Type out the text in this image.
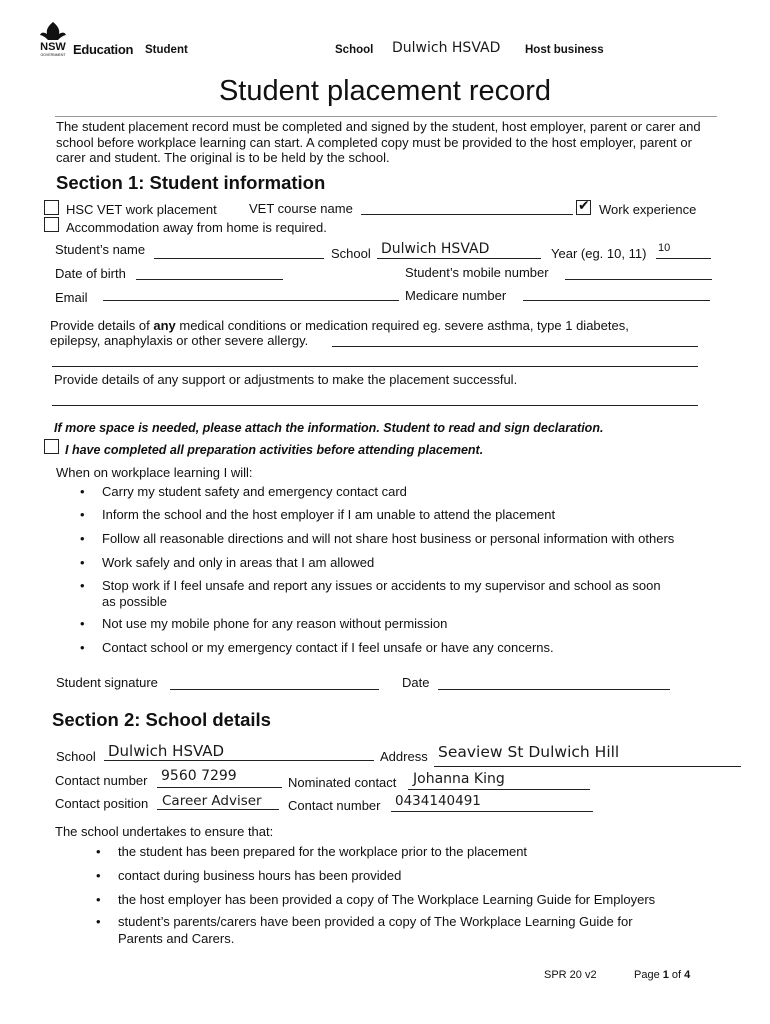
NSW
GOVERNMENT Education Student	School Dulwich HSVAD Host business
Student placement record
The student placement record must be completed and signed by the student, host employer, parent or carer and school before workplace learning can start. A completed copy must be provided to the host employer, parent or carer and student. The original is to be held by the school.
Section 1: Student information
HSC VET work placement VET course name
✔	Work experience
Accommodation away from home is required.
Student’s name	School Dulwich HSVAD	Year (eg. 10, 11) 10
Date of birth	Student’s mobile number
Email	Medicare number
Provide details of any medical conditions or medication required eg. severe asthma, type 1 diabetes,
epilepsy, anaphylaxis or other severe allergy.
Provide details of any support or adjustments to make the placement successful.
If more space is needed, please attach the information. Student to read and sign declaration.
I have completed all preparation activities before attending placement.
When on workplace learning I will:
• Carry my student safety and emergency contact card
• Inform the school and the host employer if I am unable to attend the placement
• Follow all reasonable directions and will not share host business or personal information with others
• Work safely and only in areas that I am allowed
• Stop work if I feel unsafe and report any issues or accidents to my supervisor and school as soon
as possible
• Not use my mobile phone for any reason without permission
• Contact school or my emergency contact if I feel unsafe or have any concerns.
Student signature	Date
Section 2: School details
School Dulwich HSVAD	Address Seaview St Dulwich Hill
Contact number 9560 7299	Nominated contact Johanna King
Contact position Career Adviser Contact number 0434140491
The school undertakes to ensure that:
• the student has been prepared for the workplace prior to the placement
• contact during business hours has been provided
• the host employer has been provided a copy of The Workplace Learning Guide for Employers
• student’s parents/carers have been provided a copy of The Workplace Learning Guide for
Parents and Carers.
SPR 20 v2	Page 1 of 4
